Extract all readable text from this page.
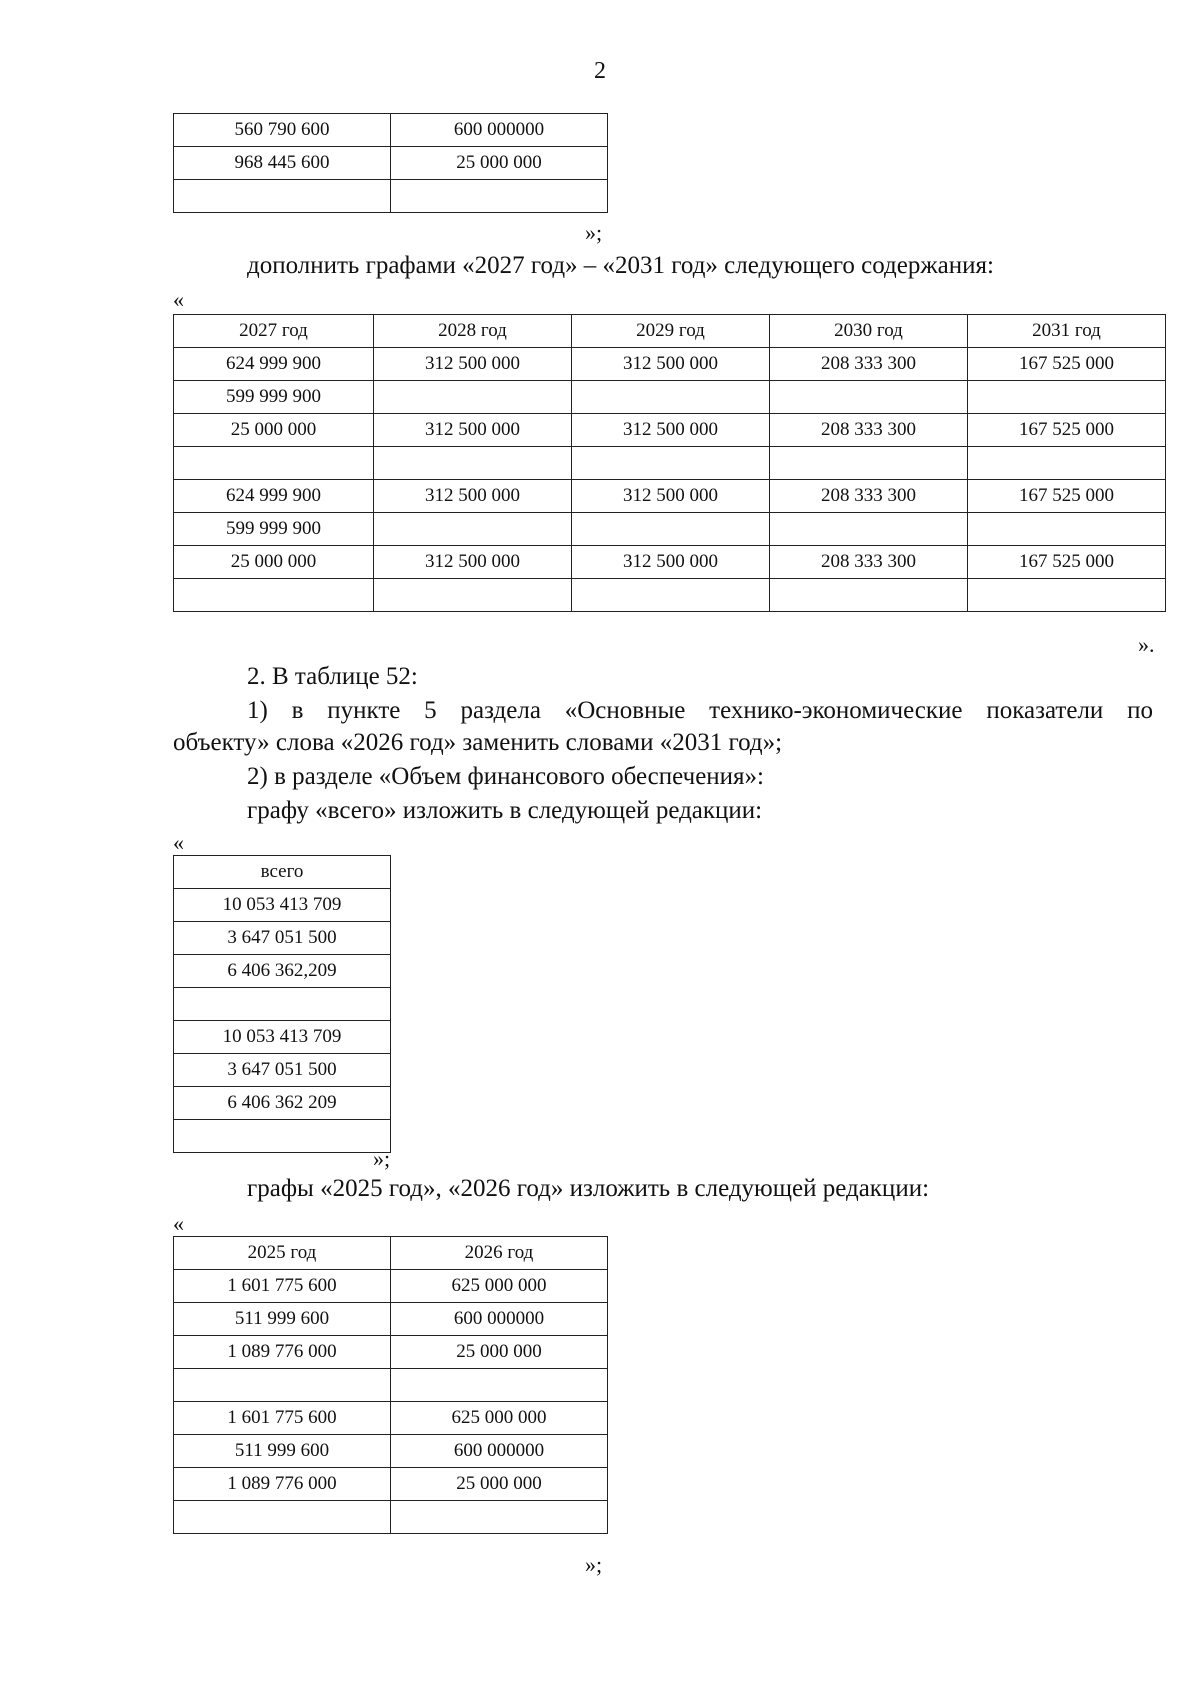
2
560 790 600	600 000000
968 445 600	25 000 000

»;
дополнить графами «2027 год» – «2031 год» следующего содержания:
«
2027 год	2028 год	2029 год	2030 год	2031 год
624 999 900	312 500 000	312 500 000	208 333 300	167 525 000
599 999 900				
25 000 000	312 500 000	312 500 000	208 333 300	167 525 000

624 999 900	312 500 000	312 500 000	208 333 300	167 525 000
599 999 900				
25 000 000	312 500 000	312 500 000	208 333 300	167 525 000

».
2. В таблице 52:
1) в пункте 5 раздела «Основные технико-экономические показатели по
объекту» слова «2026 год» заменить словами «2031 год»;
2) в разделе «Объем финансового обеспечения»:
графу «всего» изложить в следующей редакции:
«
всего
10 053 413 709
3 647 051 500
6 406 362,209

10 053 413 709
3 647 051 500
6 406 362 209

»;
графы «2025 год», «2026 год» изложить в следующей редакции:
«
2025 год	2026 год
1 601 775 600	625 000 000
511 999 600	600 000000
1 089 776 000	25 000 000

1 601 775 600	625 000 000
511 999 600	600 000000
1 089 776 000	25 000 000

»;
